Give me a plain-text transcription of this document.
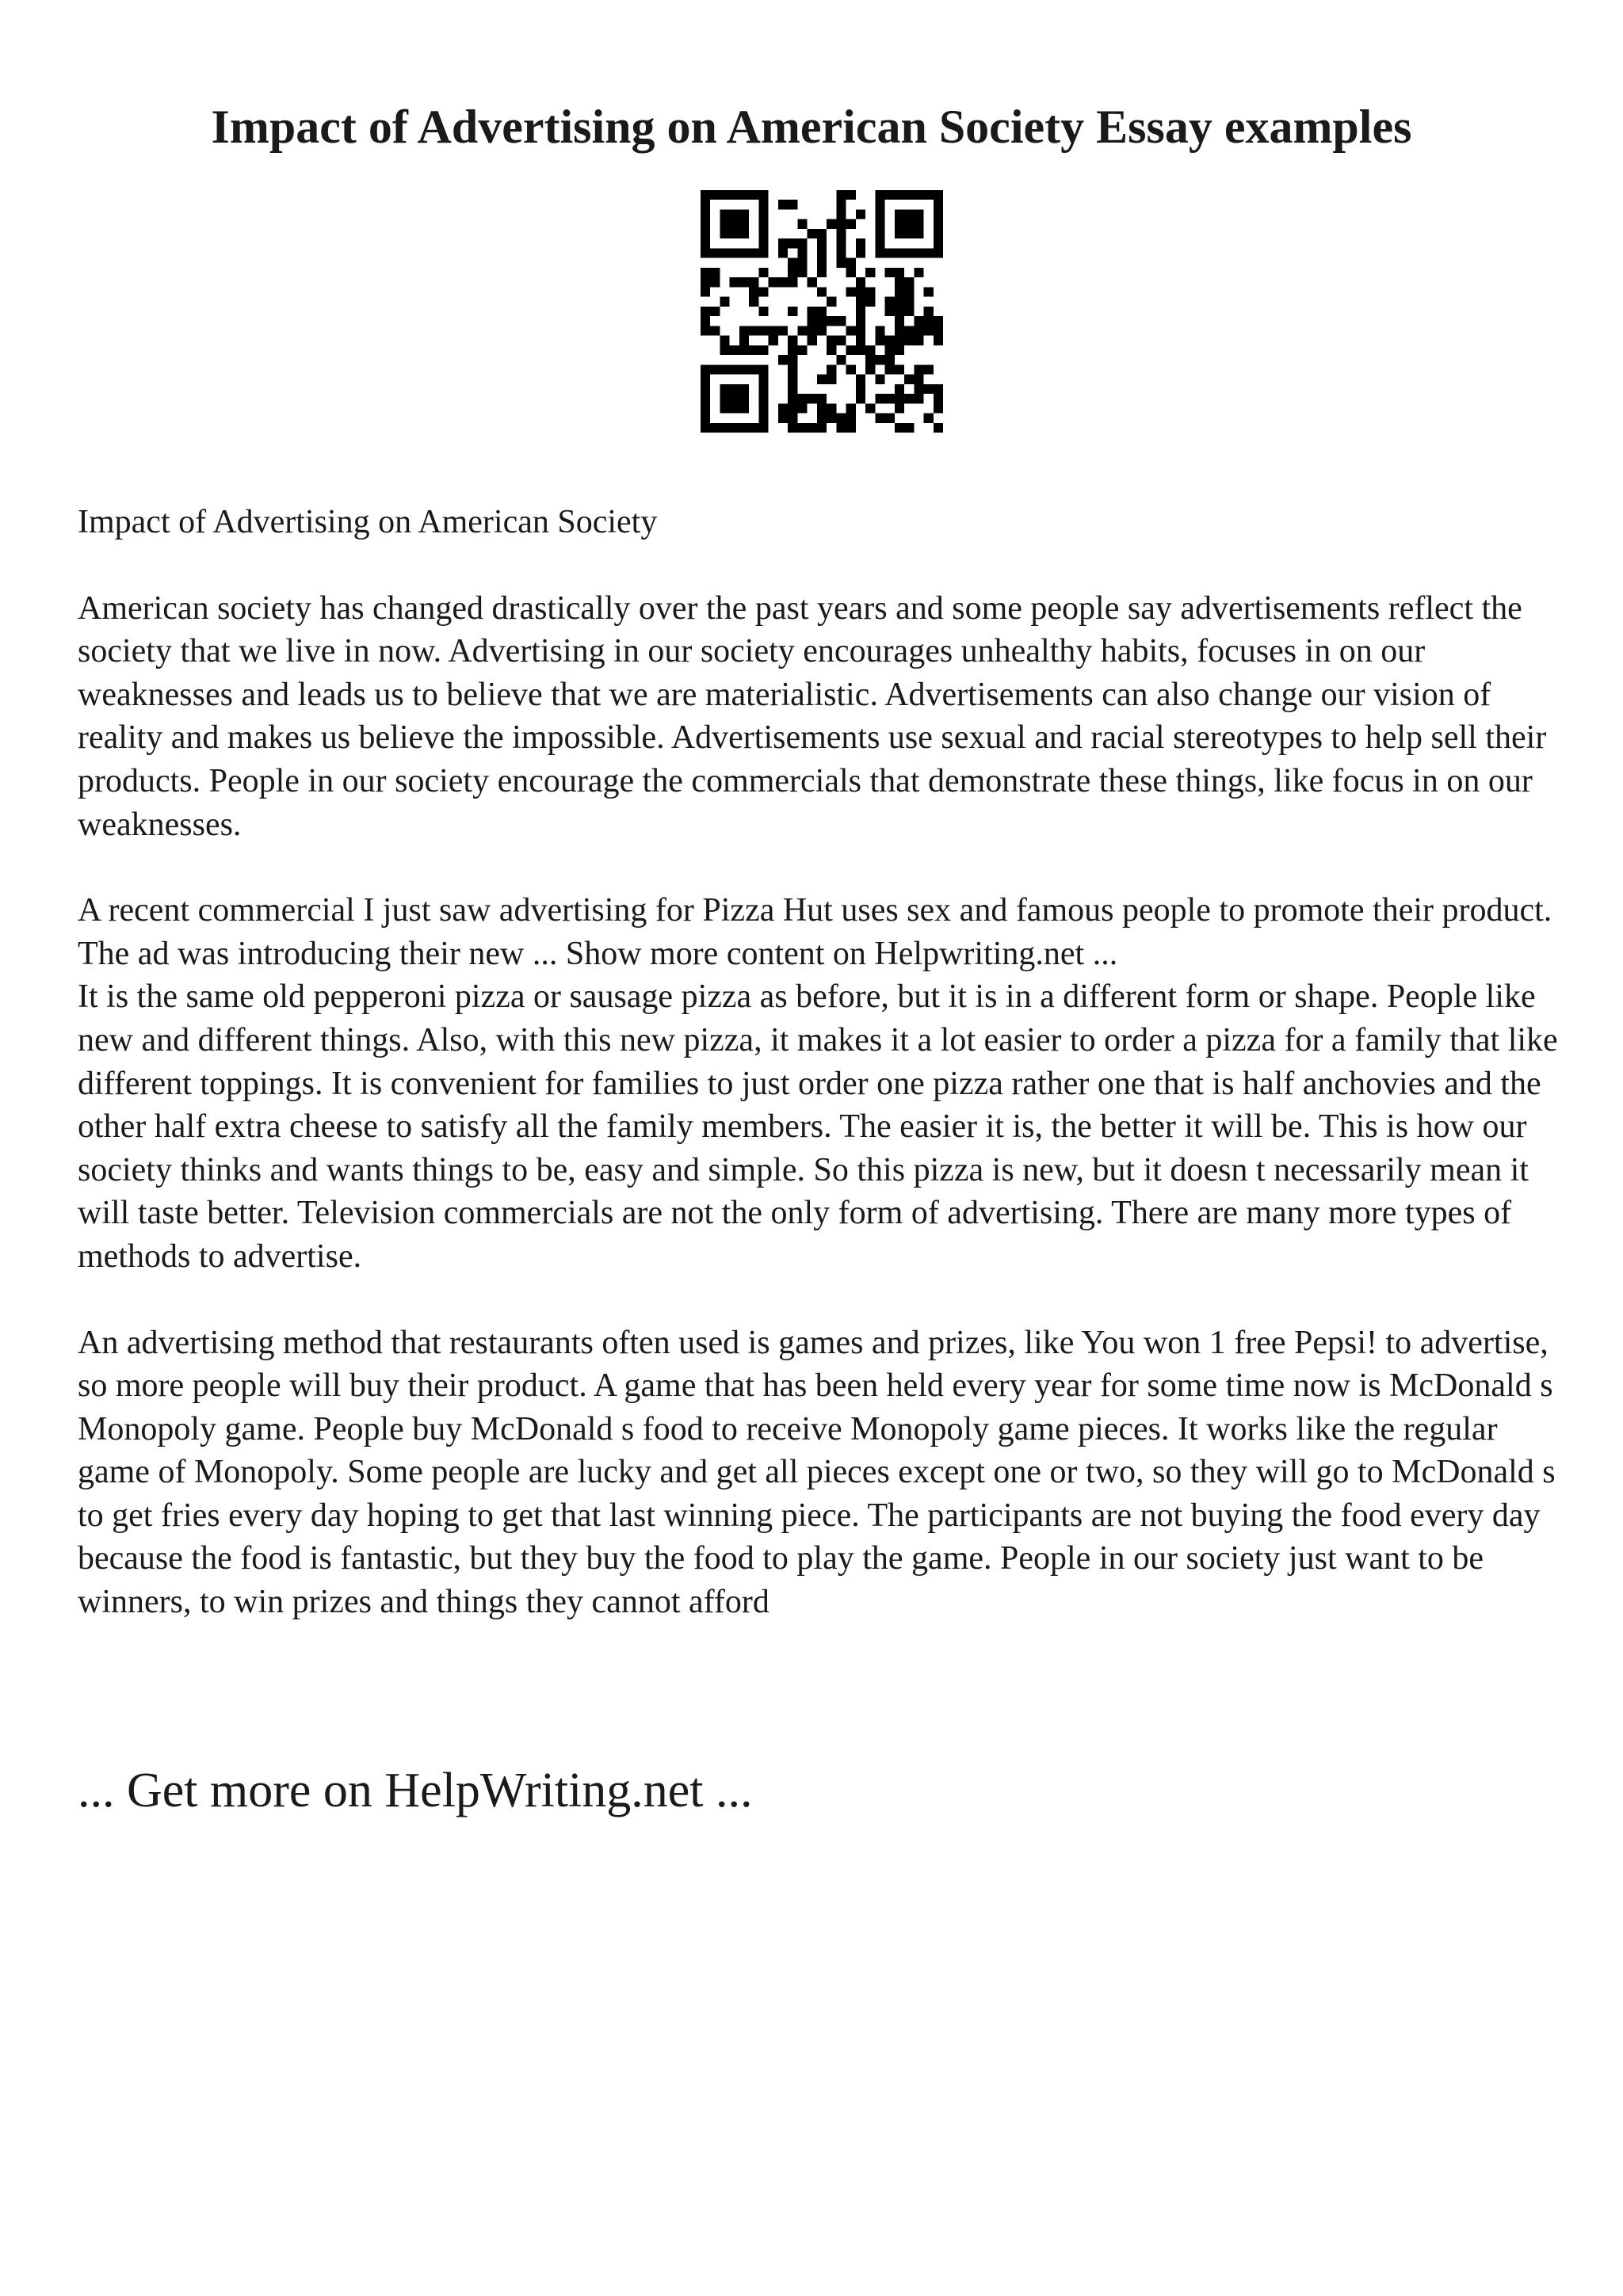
Impact of Advertising on American Society Essay examples

Impact of Advertising on American Society

American society has changed drastically over the past years and some people say advertisements reflect the society that we live in now. Advertising in our society encourages unhealthy habits, focuses in on our weaknesses and leads us to believe that we are materialistic. Advertisements can also change our vision of reality and makes us believe the impossible. Advertisements use sexual and racial stereotypes to help sell their products. People in our society encourage the commercials that demonstrate these things, like focus in on our weaknesses.

A recent commercial I just saw advertising for Pizza Hut uses sex and famous people to promote their product. The ad was introducing their new ... Show more content on Helpwriting.net ...

It is the same old pepperoni pizza or sausage pizza as before, but it is in a different form or shape. People like new and different things. Also, with this new pizza, it makes it a lot easier to order a pizza for a family that like different toppings. It is convenient for families to just order one pizza rather one that is half anchovies and the other half extra cheese to satisfy all the family members. The easier it is, the better it will be. This is how our society thinks and wants things to be, easy and simple. So this pizza is new, but it doesn t necessarily mean it will taste better. Television commercials are not the only form of advertising. There are many more types of methods to advertise.

An advertising method that restaurants often used is games and prizes, like You won 1 free Pepsi! to advertise, so more people will buy their product. A game that has been held every year for some time now is McDonald s Monopoly game. People buy McDonald s food to receive Monopoly game pieces. It works like the regular game of Monopoly. Some people are lucky and get all pieces except one or two, so they will go to McDonald s to get fries every day hoping to get that last winning piece. The participants are not buying the food every day because the food is fantastic, but they buy the food to play the game. People in our society just want to be winners, to win prizes and things they cannot afford

... Get more on HelpWriting.net ...
